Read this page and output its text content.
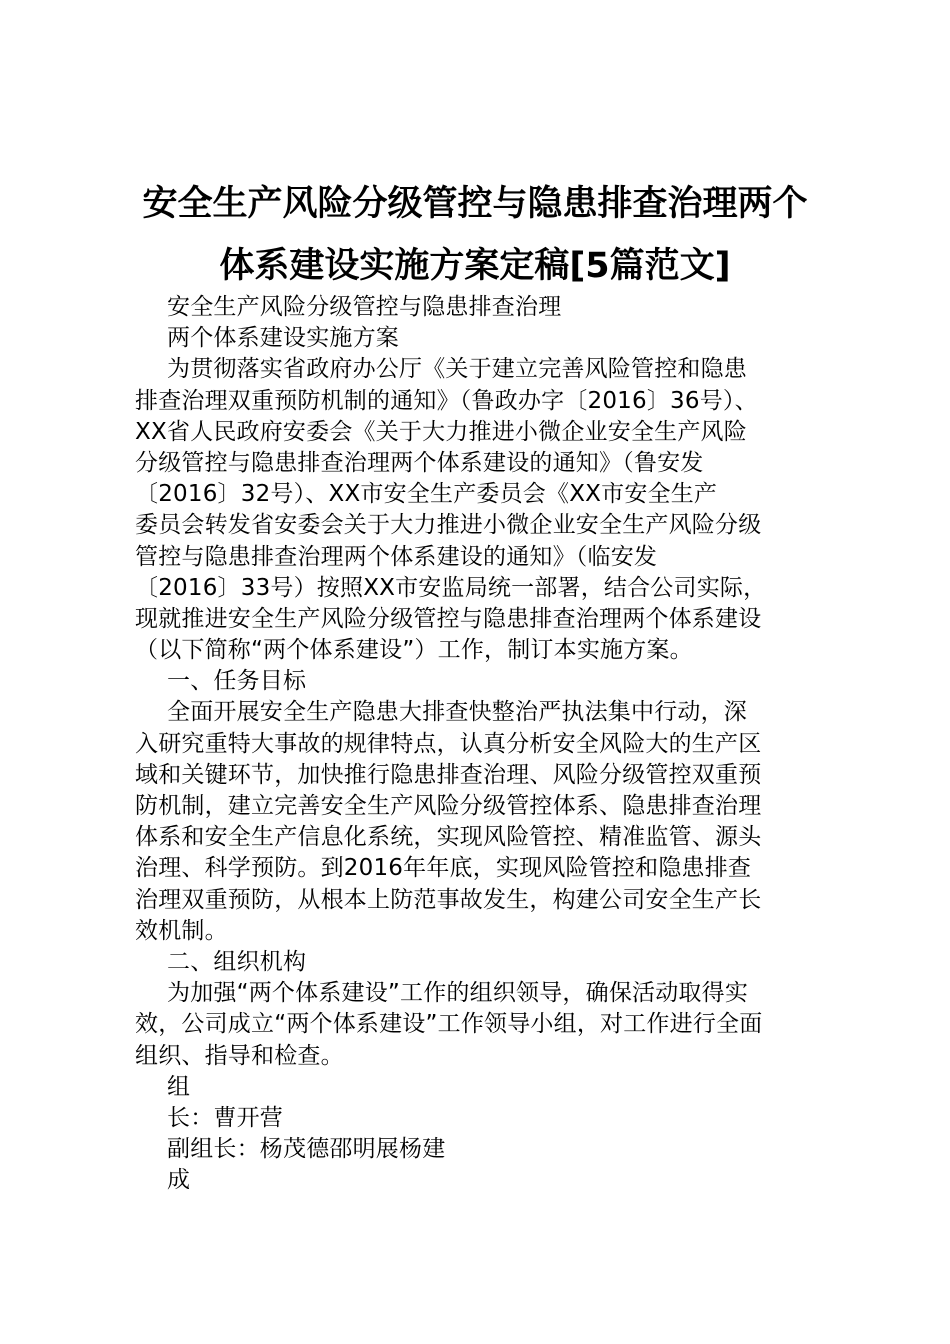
安全生产风险分级管控与隐患排查治理两个
体系建设实施方案定稿[5篇范文]
安全生产风险分级管控与隐患排查治理
两个体系建设实施方案
为贯彻落实省政府办公厅《关于建立完善风险管控和隐患
排查治理双重预防机制的通知》（鲁政办字〔2016〕36号）、
XX省人民政府安委会《关于大力推进小微企业安全生产风险
分级管控与隐患排查治理两个体系建设的通知》（鲁安发
〔2016〕32号）、XX市安全生产委员会《XX市安全生产
委员会转发省安委会关于大力推进小微企业安全生产风险分级
管控与隐患排查治理两个体系建设的通知》（临安发
〔2016〕33号）按照XX市安监局统一部署，结合公司实际，
现就推进安全生产风险分级管控与隐患排查治理两个体系建设
（以下简称“两个体系建设”）工作，制订本实施方案。
一、任务目标
全面开展安全生产隐患大排查快整治严执法集中行动，深
入研究重特大事故的规律特点，认真分析安全风险大的生产区
域和关键环节，加快推行隐患排查治理、风险分级管控双重预
防机制，建立完善安全生产风险分级管控体系、隐患排查治理
体系和安全生产信息化系统，实现风险管控、精准监管、源头
治理、科学预防。到2016年年底，实现风险管控和隐患排查
治理双重预防，从根本上防范事故发生，构建公司安全生产长
效机制。
二、组织机构
为加强“两个体系建设”工作的组织领导，确保活动取得实
效，公司成立“两个体系建设”工作领导小组，对工作进行全面
组织、指导和检查。
组
长：曹开营
副组长：杨茂德邵明展杨建
成
